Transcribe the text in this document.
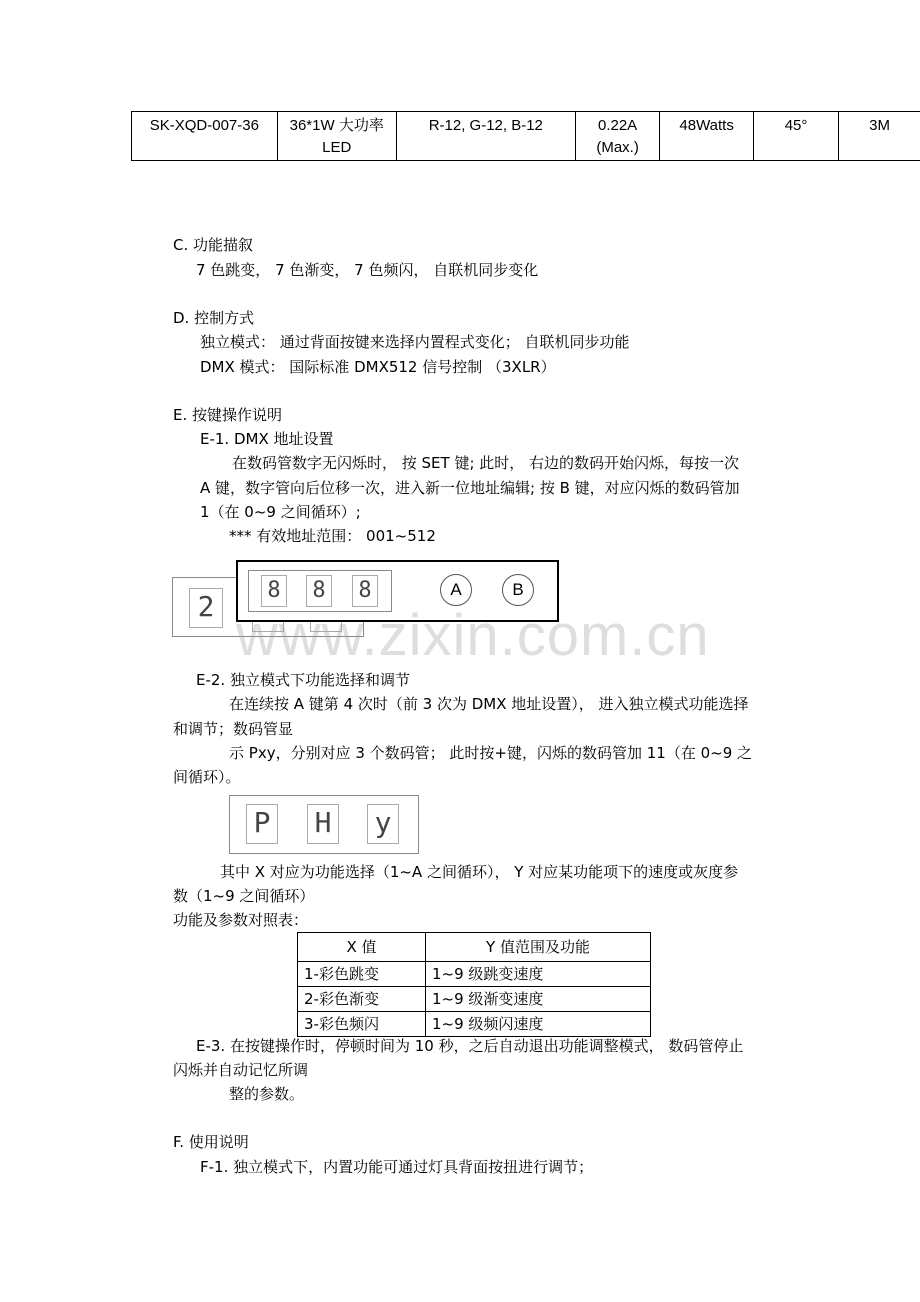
SK-XQD-007-36	36*1W 大功率 LED	R-12, G-12, B-12	0.22A (Max.)	48Watts	45°	3M
C. 功能描叙
7 色跳变， 7 色渐变， 7 色频闪， 自联机同步变化
D. 控制方式
独立模式： 通过背面按键来选择内置程式变化； 自联机同步功能
DMX 模式： 国际标准 DMX512 信号控制 （3XLR）
E. 按键操作说明
E-1. DMX 地址设置
在数码管数字无闪烁时， 按 SET 键; 此时， 右边的数码开始闪烁，每按一次
A 键，数字管向后位移一次，进入新一位地址编辑; 按 B 键，对应闪烁的数码管加
1（在 0~9 之间循环）;
*** 有效地址范围： 001~512
2	8 8 8	A	B
www.zixin.com.cn
E-2. 独立模式下功能选择和调节
在连续按 A 键第 4 次时（前 3 次为 DMX 地址设置）， 进入独立模式功能选择
和调节；数码管显
示 Pxy，分别对应 3 个数码管； 此时按+键，闪烁的数码管加 11（在 0~9 之
间循环）。
P H y
其中 X 对应为功能选择（1~A 之间循环）， Y 对应某功能项下的速度或灰度参
数（1~9 之间循环）
功能及参数对照表：
X 值	Y 值范围及功能
1-彩色跳变	1~9 级跳变速度
2-彩色渐变	1~9 级渐变速度
3-彩色频闪	1~9 级频闪速度
E-3. 在按键操作时，停顿时间为 10 秒，之后自动退出功能调整模式， 数码管停止
闪烁并自动记忆所调
整的参数。
F. 使用说明
F-1. 独立模式下，内置功能可通过灯具背面按扭进行调节；
